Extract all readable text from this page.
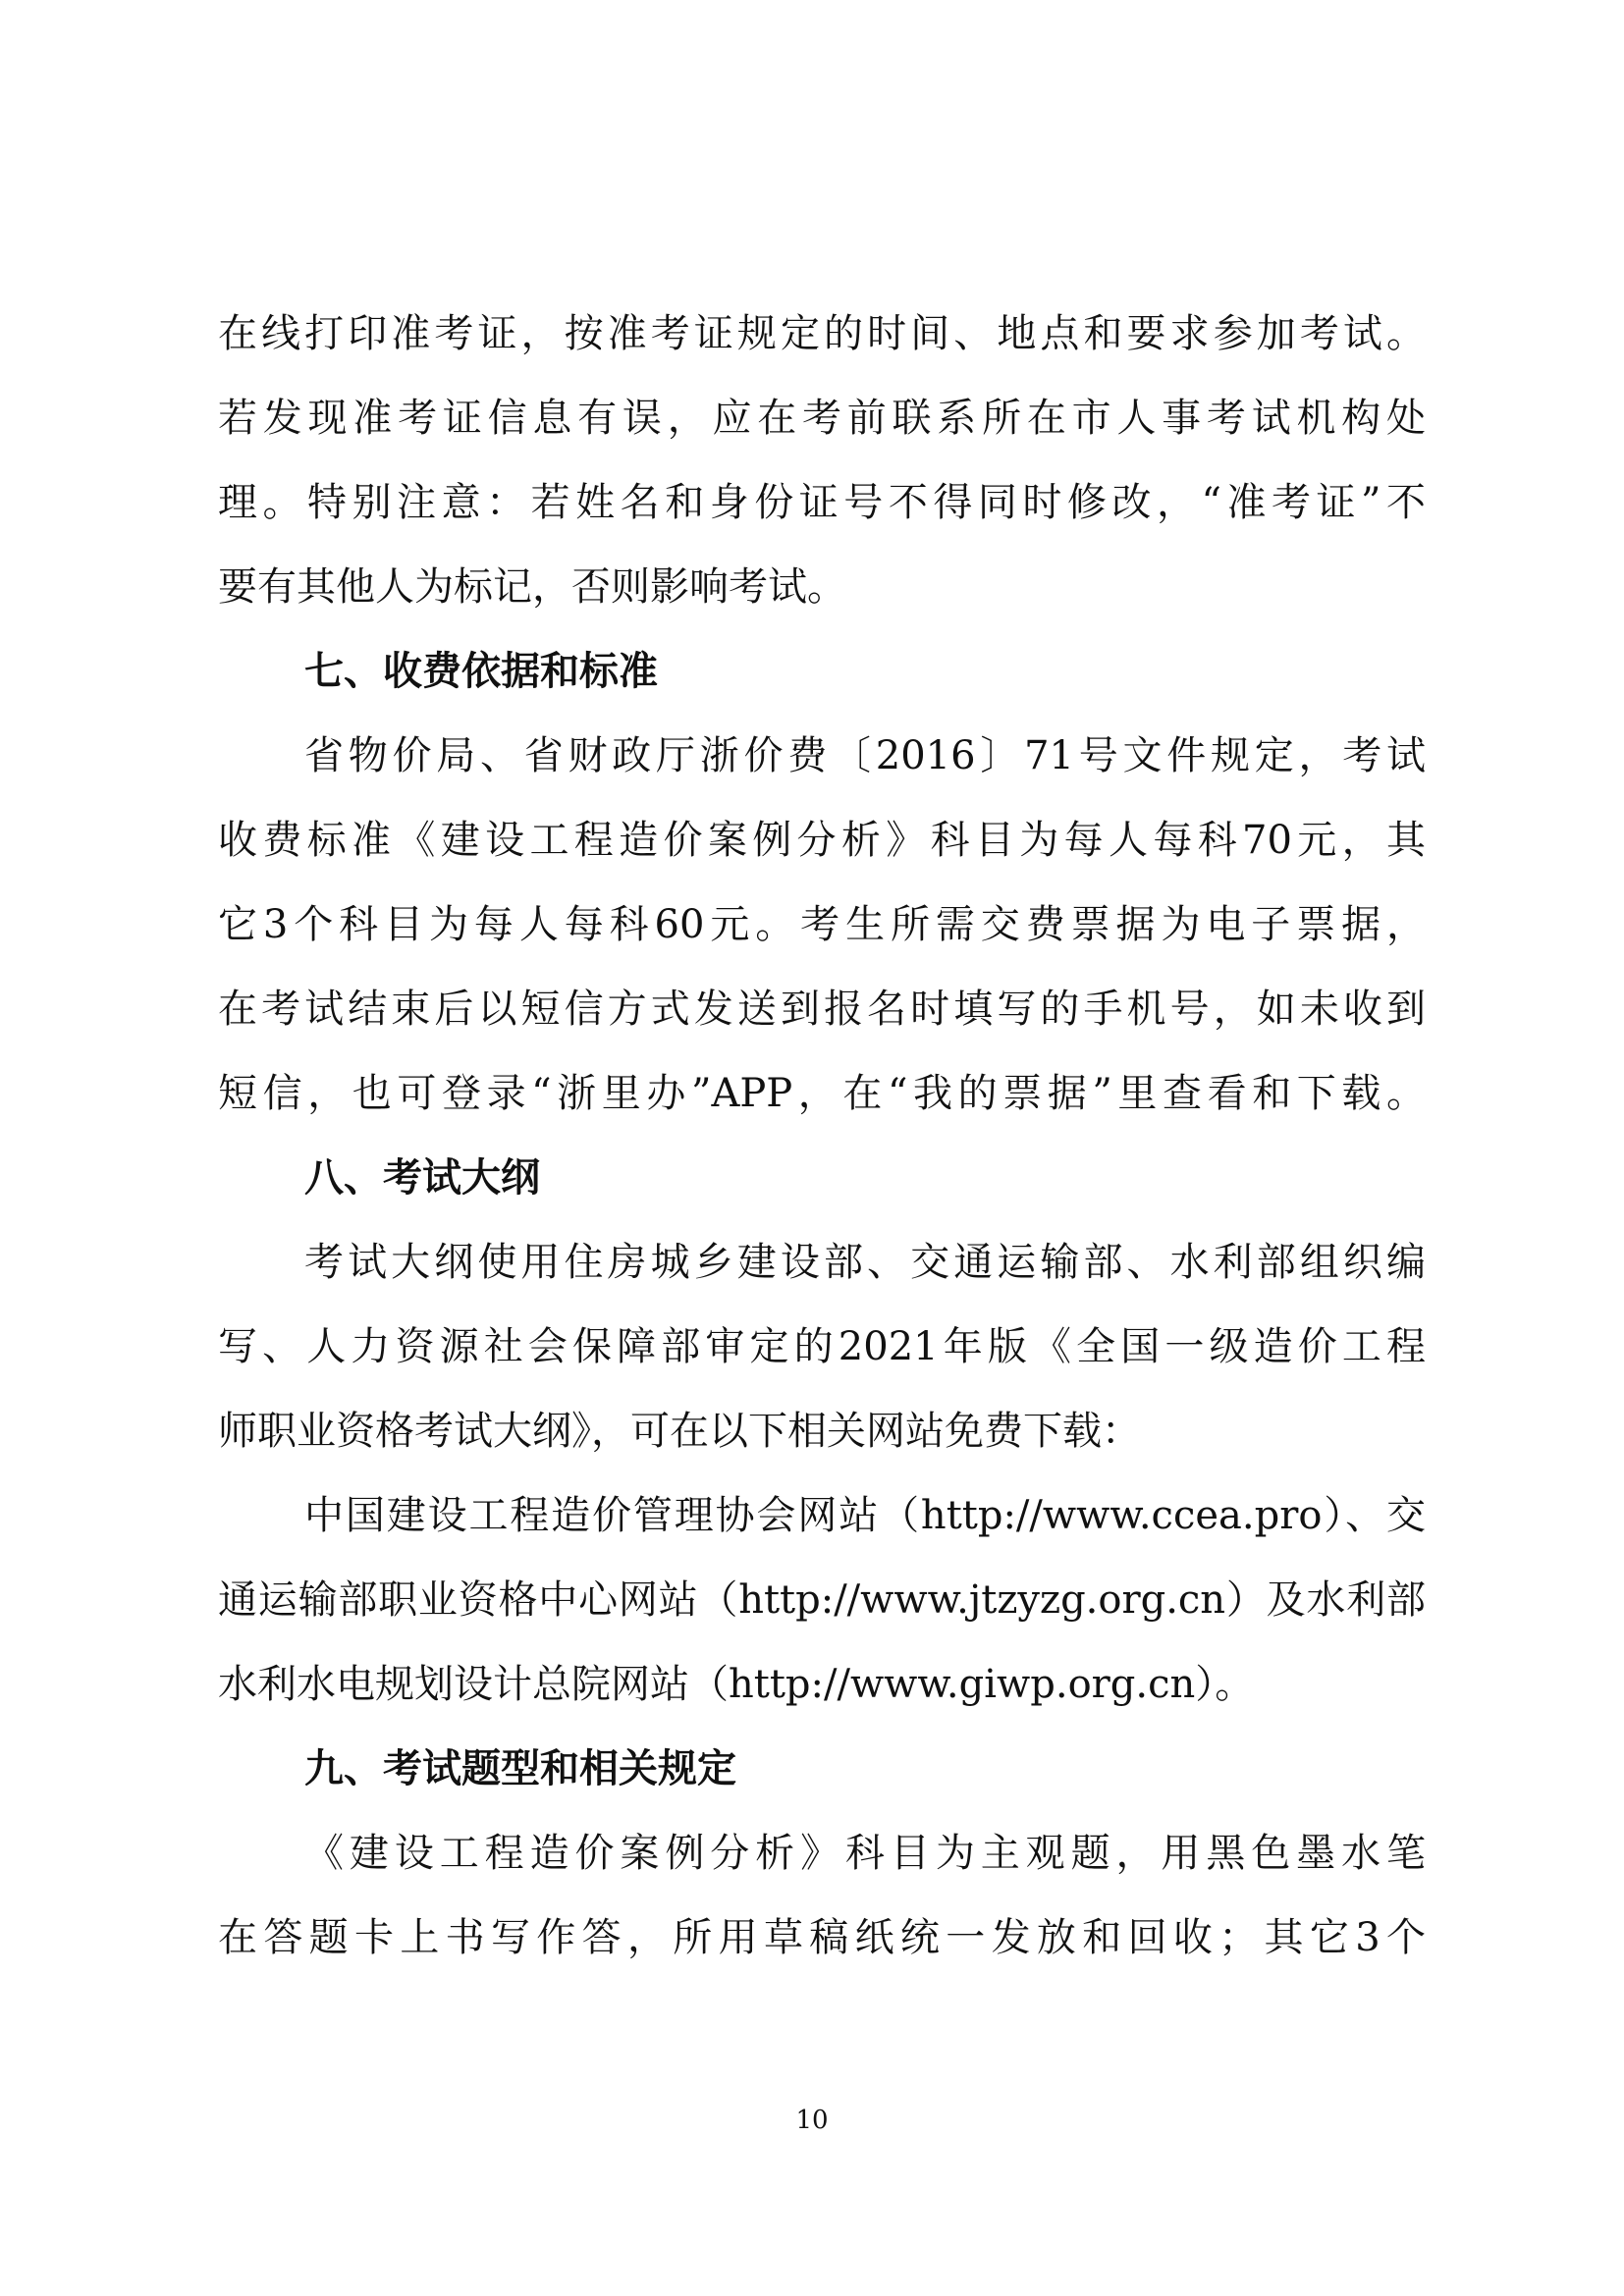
在线打印准考证，按准考证规定的时间、地点和要求参加考试。
若发现准考证信息有误，应在考前联系所在市人事考试机构处
理。特别注意：若姓名和身份证号不得同时修改，“准考证”不
要有其他人为标记，否则影响考试。
七、收费依据和标准
省物价局、省财政厅浙价费〔2016〕71号文件规定，考试
收费标准《建设工程造价案例分析》科目为每人每科70元，其
它3个科目为每人每科60元。考生所需交费票据为电子票据，
在考试结束后以短信方式发送到报名时填写的手机号，如未收到
短信，也可登录“浙里办”APP，在“我的票据”里查看和下载。
八、考试大纲
考试大纲使用住房城乡建设部、交通运输部、水利部组织编
写、人力资源社会保障部审定的2021年版《全国一级造价工程
师职业资格考试大纲》，可在以下相关网站免费下载：
中国建设工程造价管理协会网站（http://www.ccea.pro）、交
通运输部职业资格中心网站（http://www.jtzyzg.org.cn）及水利部
水利水电规划设计总院网站（http://www.giwp.org.cn）。
九、考试题型和相关规定
《建设工程造价案例分析》科目为主观题，用黑色墨水笔
在答题卡上书写作答，所用草稿纸统一发放和回收；其它3个
10
